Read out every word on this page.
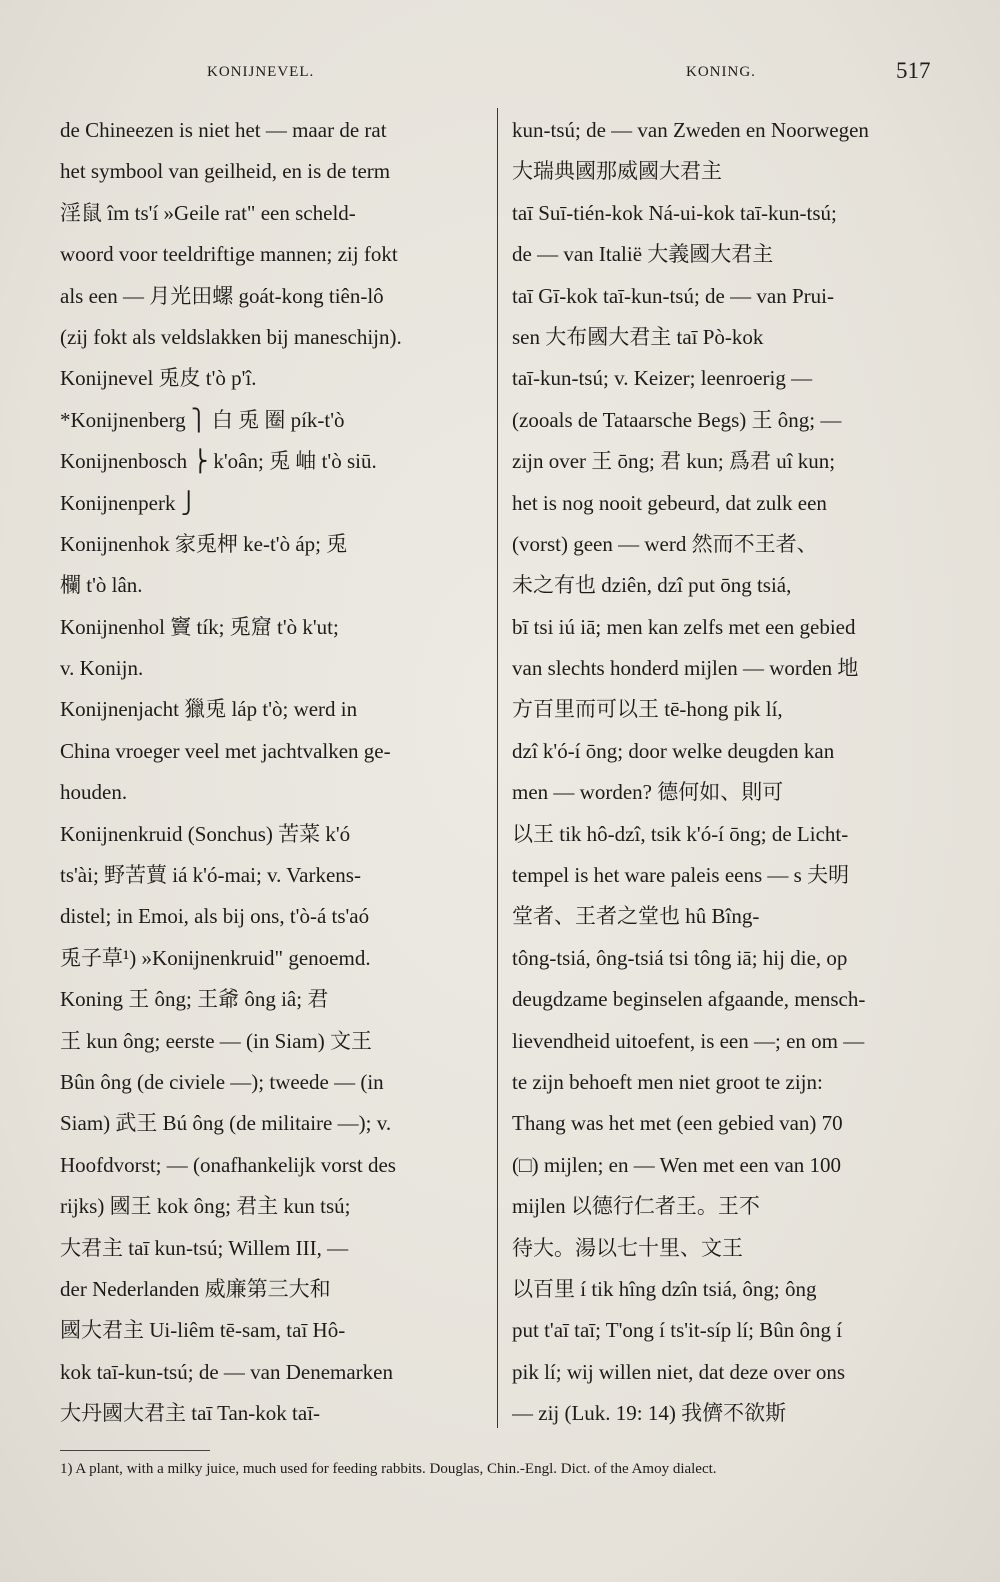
KONIJNEVEL.	KONING.	517
de Chineezen is niet het — maar de rat
het symbool van geilheid, en is de term
淫鼠 îm ts'í »Geile rat" een scheld-
woord voor teeldriftige mannen; zij fokt
als een — 月光田螺 goát-kong tiên-lô
(zij fokt als veldslakken bij maneschijn).
Konijnevel 兎皮 t'ò p'î.
*Konijnenberg ⎫ 白 兎 圈 pík-t'ò
Konijnenbosch ⎬ k'oân; 兎 岫 t'ò siū.
Konijnenperk ⎭
Konijnenhok 家兎柙 ke-t'ò áp; 兎
欄 t'ò lân.
Konijnenhol 竇 tík; 兎窟 t'ò k'ut;
v. Konijn.
Konijnenjacht 獵兎 láp t'ò; werd in
China vroeger veel met jachtvalken ge-
houden.
Konijnenkruid (Sonchus) 苦菜 k'ó
ts'ài; 野苦蕒 iá k'ó-mai; v. Varkens-
distel; in Emoi, als bij ons, t'ò-á ts'aó
兎子草¹) »Konijnenkruid" genoemd.
Koning 王 ông; 王爺 ông iâ; 君
王 kun ông; eerste — (in Siam) 文王
Bûn ông (de civiele —); tweede — (in
Siam) 武王 Bú ông (de militaire —); v.
Hoofdvorst; — (onafhankelijk vorst des
rijks) 國王 kok ông; 君主 kun tsú;
大君主 taī kun-tsú; Willem III, —
der Nederlanden 威廉第三大和
國大君主 Ui-liêm tē-sam, taī Hô-
kok taī-kun-tsú; de — van Denemarken
大丹國大君主 taī Tan-kok taī-
kun-tsú; de — van Zweden en Noorwegen
大瑞典國那威國大君主
taī Suī-tién-kok Ná-ui-kok taī-kun-tsú;
de — van Italië 大義國大君主
taī Gī-kok taī-kun-tsú; de — van Prui-
sen 大布國大君主 taī Pò-kok
taī-kun-tsú; v. Keizer; leenroerig —
(zooals de Tataarsche Begs) 王 ông; —
zijn over 王 ōng; 君 kun; 爲君 uî kun;
het is nog nooit gebeurd, dat zulk een
(vorst) geen — werd 然而不王者、
未之有也 dziên, dzî put ōng tsiá,
bī tsi iú iā; men kan zelfs met een gebied
van slechts honderd mijlen — worden 地
方百里而可以王 tē-hong pik lí,
dzî k'ó-í ōng; door welke deugden kan
men — worden? 德何如、則可
以王 tik hô-dzî, tsik k'ó-í ōng; de Licht-
tempel is het ware paleis eens — s 夫明
堂者、王者之堂也 hû Bîng-
tông-tsiá, ông-tsiá tsi tông iā; hij die, op
deugdzame beginselen afgaande, mensch-
lievendheid uitoefent, is een —; en om —
te zijn behoeft men niet groot te zijn:
Thang was het met (een gebied van) 70
(□) mijlen; en — Wen met een van 100
mijlen 以德行仁者王。王不
待大。湯以七十里、文王
以百里 í tik hîng dzîn tsiá, ông; ông
put t'aī taī; T'ong í ts'it-síp lí; Bûn ông í
pik lí; wij willen niet, dat deze over ons
— zij (Luk. 19: 14) 我儕不欲斯
1) A plant, with a milky juice, much used for feeding rabbits. Douglas, Chin.-Engl. Dict. of the Amoy dialect.
